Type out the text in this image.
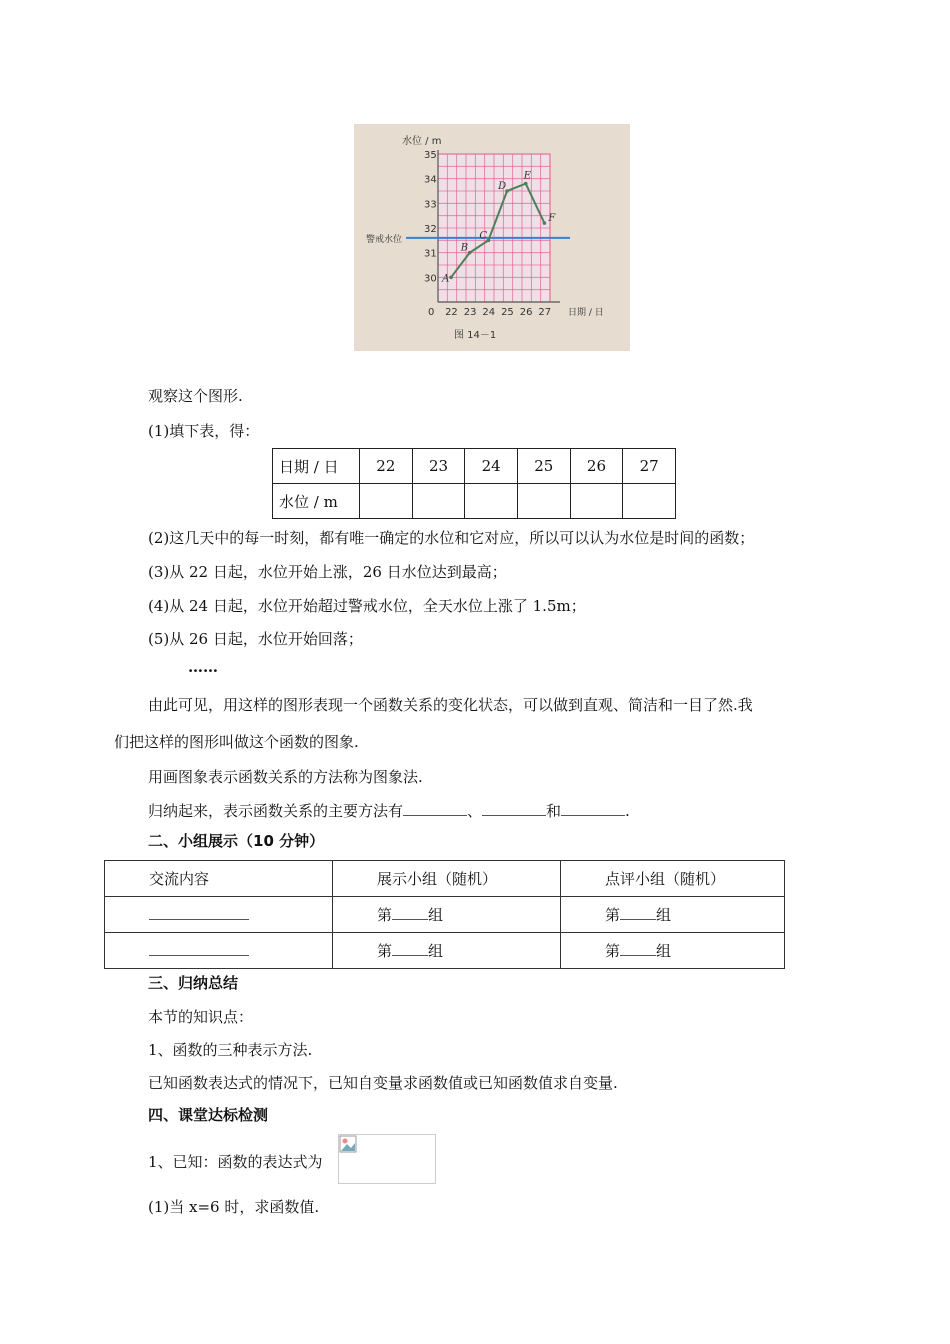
警戒水位
30
31
32
33
34
35
22 23 24 25 26 27
0
水位 / m
日期 / 日
图 14－1
A
B
C
D
E
F
观察这个图形.
(1)填下表，得：
日期 / 日	22	23	24	25	26	27
水位 / m						
(2)这几天中的每一时刻，都有唯一确定的水位和它对应，所以可以认为水位是时间的函数；
(3)从 22 日起，水位开始上涨，26 日水位达到最高；
(4)从 24 日起，水位开始超过警戒水位，全天水位上涨了 1.5m；
(5)从 26 日起，水位开始回落；
……
由此可见，用这样的图形表现一个函数关系的变化状态，可以做到直观、简洁和一目了然.我
们把这样的图形叫做这个函数的图象.
用画图象表示函数关系的方法称为图象法.
归纳起来，表示函数关系的主要方法有	、	和	.
二、小组展示（10 分钟）
交流内容	展示小组（随机）	点评小组（随机）
	第 组	第 组
	第 组	第 组
三、归纳总结
本节的知识点：
1、函数的三种表示方法.
已知函数表达式的情况下，已知自变量求函数值或已知函数值求自变量.
四、课堂达标检测
1、已知：函数的表达式为
(1)当 x=6 时，求函数值.
